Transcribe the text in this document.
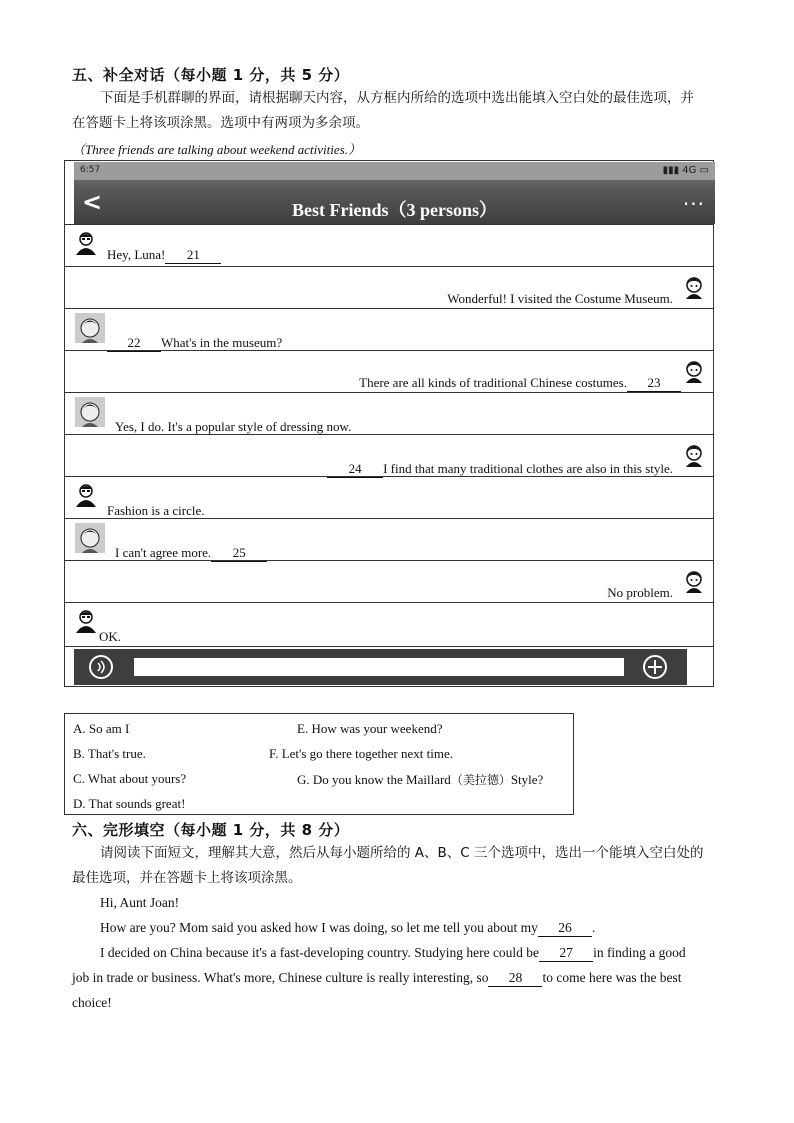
五、补全对话（每小题 1 分，共 5 分）
下面是手机群聊的界面，请根据聊天内容，从方框内所给的选项中选出能填入空白处的最佳选项，并
在答题卡上将该项涂黑。选项中有两项为多余项。
（Three friends are talking about weekend activities.）
6:57	▮▮▮ 4G ▭
<	Best Friends（3 persons）	···
Hey, Luna! 21
Wonderful! I visited the Costume Museum.
22 What's in the museum?
There are all kinds of traditional Chinese costumes. 23
Yes, I do. It's a popular style of dressing now.
24 I find that many traditional clothes are also in this style.
Fashion is a circle.
I can't agree more. 25
No problem.
OK.
A. So am I	E. How was your weekend?
B. That's true.	F. Let's go there together next time.
C. What about yours?	G. Do you know the Maillard（美拉德）Style?
D. That sounds great!
六、完形填空（每小题 1 分，共 8 分）
请阅读下面短文，理解其大意，然后从每小题所给的 A、B、C 三个选项中，选出一个能填入空白处的
最佳选项，并在答题卡上将该项涂黑。
Hi, Aunt Joan!
How are you? Mom said you asked how I was doing, so let me tell you about my 26 .
I decided on China because it's a fast-developing country. Studying here could be 27 in finding a good
job in trade or business. What's more, Chinese culture is really interesting, so 28 to come here was the best
choice!
